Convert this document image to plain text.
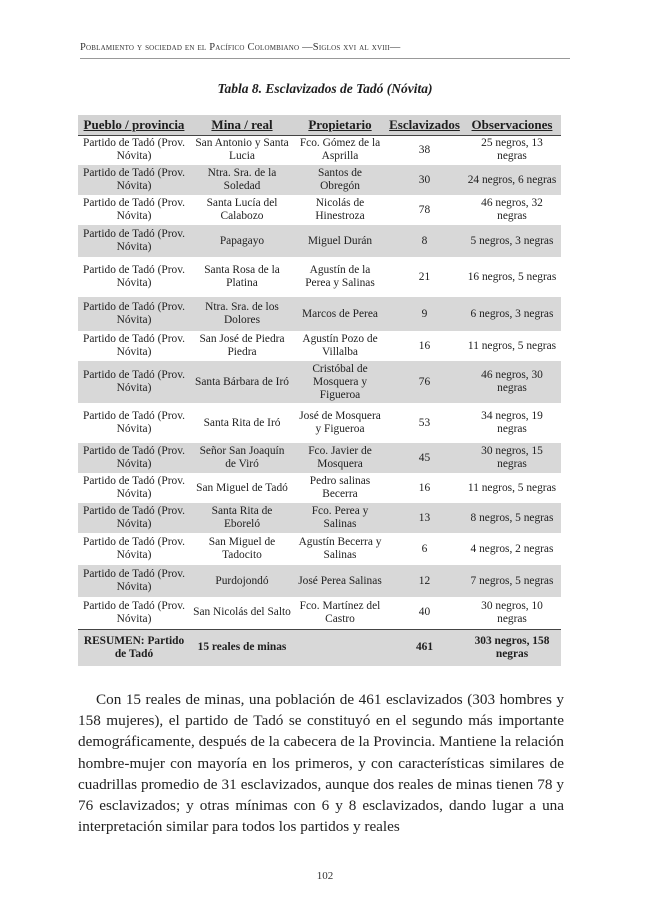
Poblamiento y sociedad en el Pacífico Colombiano —Siglos xvi al xviii—
Tabla 8. Esclavizados de Tadó (Nóvita)
Pueblo / provincia	Mina / real	Propietario	Esclavizados	Observaciones
Partido de Tadó (Prov. Nóvita)	San Antonio y Santa Lucia	Fco. Gómez de la Asprilla	38	25 negros, 13 negras
Partido de Tadó (Prov. Nóvita)	Ntra. Sra. de la Soledad	Santos de Obregón	30	24 negros, 6 negras
Partido de Tadó (Prov. Nóvita)	Santa Lucía del Calabozo	Nicolás de Hinestroza	78	46 negros, 32 negras
Partido de Tadó (Prov. Nóvita)	Papagayo	Miguel Durán	8	5 negros, 3 negras
Partido de Tadó (Prov. Nóvita)	Santa Rosa de la Platina	Agustín de la Perea y Salinas	21	16 negros, 5 negras
Partido de Tadó (Prov. Nóvita)	Ntra. Sra. de los Dolores	Marcos de Perea	9	6 negros, 3 negras
Partido de Tadó (Prov. Nóvita)	San José de Piedra Piedra	Agustín Pozo de Villalba	16	11 negros, 5 negras
Partido de Tadó (Prov. Nóvita)	Santa Bárbara de Iró	Cristóbal de Mosquera y Figueroa	76	46 negros, 30 negras
Partido de Tadó (Prov. Nóvita)	Santa Rita de Iró	José de Mosquera y Figueroa	53	34 negros, 19 negras
Partido de Tadó (Prov. Nóvita)	Señor San Joaquín de Viró	Fco. Javier de Mosquera	45	30 negros, 15 negras
Partido de Tadó (Prov. Nóvita)	San Miguel de Tadó	Pedro salinas Becerra	16	11 negros, 5 negras
Partido de Tadó (Prov. Nóvita)	Santa Rita de Eboreló	Fco. Perea y Salinas	13	8 negros, 5 negras
Partido de Tadó (Prov. Nóvita)	San Miguel de Tadocito	Agustín Becerra y Salinas	6	4 negros, 2 negras
Partido de Tadó (Prov. Nóvita)	Purdojondó	José Perea Salinas	12	7 negros, 5 negras
Partido de Tadó (Prov. Nóvita)	San Nicolás del Salto	Fco. Martínez del Castro	40	30 negros, 10 negras
RESUMEN: Partido de Tadó	15 reales de minas		461	303 negros, 158 negras

Con 15 reales de minas, una población de 461 esclavizados (303 hombres y 158 mujeres), el partido de Tadó se constituyó en el segundo más importante demográficamente, después de la cabecera de la Provincia. Mantiene la relación hombre-mujer con mayoría en los primeros, y con características similares de cuadrillas promedio de 31 esclavizados, aunque dos reales de minas tienen 78 y 76 esclavizados; y otras mínimas con 6 y 8 esclavizados, dando lugar a una interpretación similar para todos los partidos y reales

102
